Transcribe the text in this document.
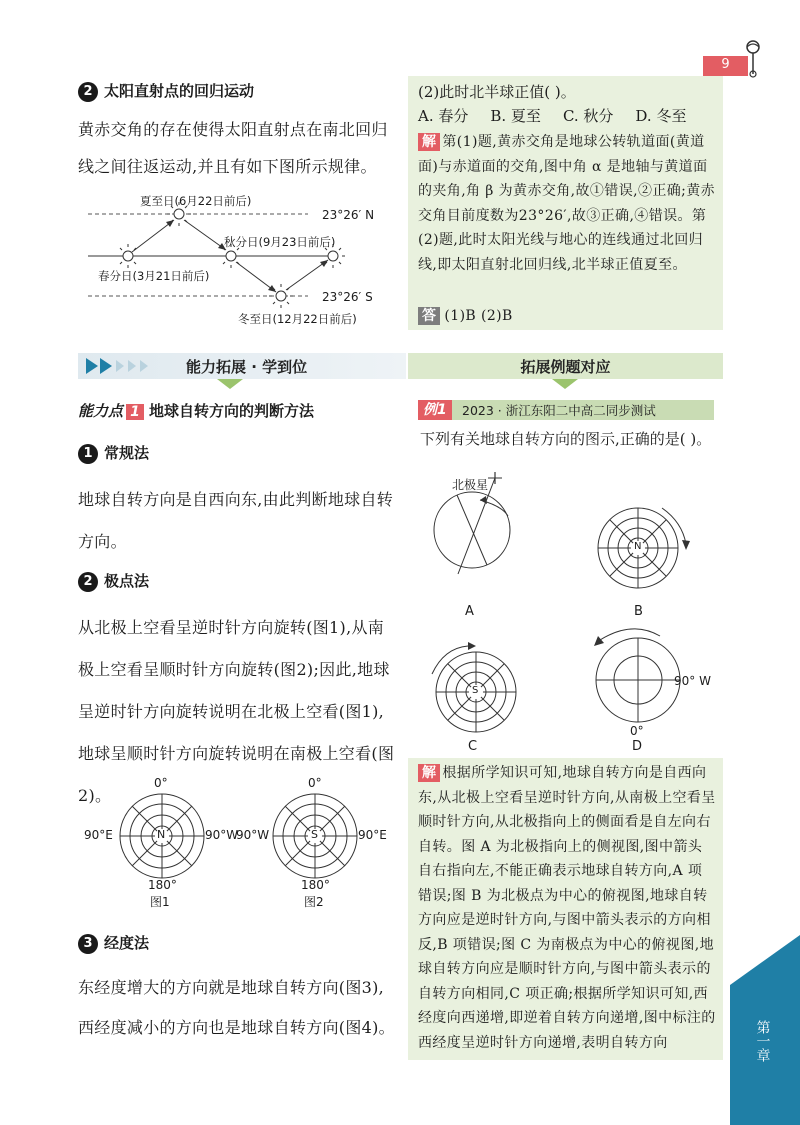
9
第一章
2 太阳直射点的回归运动
黄赤交角的存在使得太阳直射点在南北回归线之间往返运动,并且有如下图所示规律。
夏至日(6月22日前后)
23°26′ N
秋分日(9月23日前后)
春分日(3月21日前后)
23°26′ S
冬至日(12月22日前后)
(2)此时北半球正值( )。
A. 春分 B. 夏至 C. 秋分 D. 冬至
解 第(1)题,黄赤交角是地球公转轨道面(黄道面)与赤道面的交角,图中角 α 是地轴与黄道面的夹角,角 β 为黄赤交角,故①错误,②正确;黄赤交角目前度数为23°26′,故③正确,④错误。第(2)题,此时太阳光线与地心的连线通过北回归线,即太阳直射北回归线,北半球正值夏至。
答 (1)B (2)B
能力拓展 · 学到位	拓展例题对应
能力点 1 地球自转方向的判断方法
1 常规法
地球自转方向是自西向东,由此判断地球自转方向。
2 极点法
从北极上空看呈逆时针方向旋转(图1),从南极上空看呈顺时针方向旋转(图2);因此,地球呈逆时针方向旋转说明在北极上空看(图1),地球呈顺时针方向旋转说明在南极上空看(图2)。
N
0°
90°E	90°W
180°
图1
S
0°
90°W	90°E
180°
图2
3 经度法
东经度增大的方向就是地球自转方向(图3),西经度减小的方向也是地球自转方向(图4)。
例1	2023 · 浙江东阳二中高二同步测试
下列有关地球自转方向的图示,正确的是( )。
北极星
A
N
B
S
C
90° W
0°
D
解 根据所学知识可知,地球自转方向是自西向东,从北极上空看呈逆时针方向,从南极上空看呈顺时针方向,从北极指向上的侧面看是自左向右自转。图 A 为北极指向上的侧视图,图中箭头自右指向左,不能正确表示地球自转方向,A 项错误;图 B 为北极点为中心的俯视图,地球自转方向应是逆时针方向,与图中箭头表示的方向相反,B 项错误;图 C 为南极点为中心的俯视图,地球自转方向应是顺时针方向,与图中箭头表示的自转方向相同,C 项正确;根据所学知识可知,西经度向西递增,即逆着自转方向递增,图中标注的西经度呈逆时针方向递增,表明自转方向
